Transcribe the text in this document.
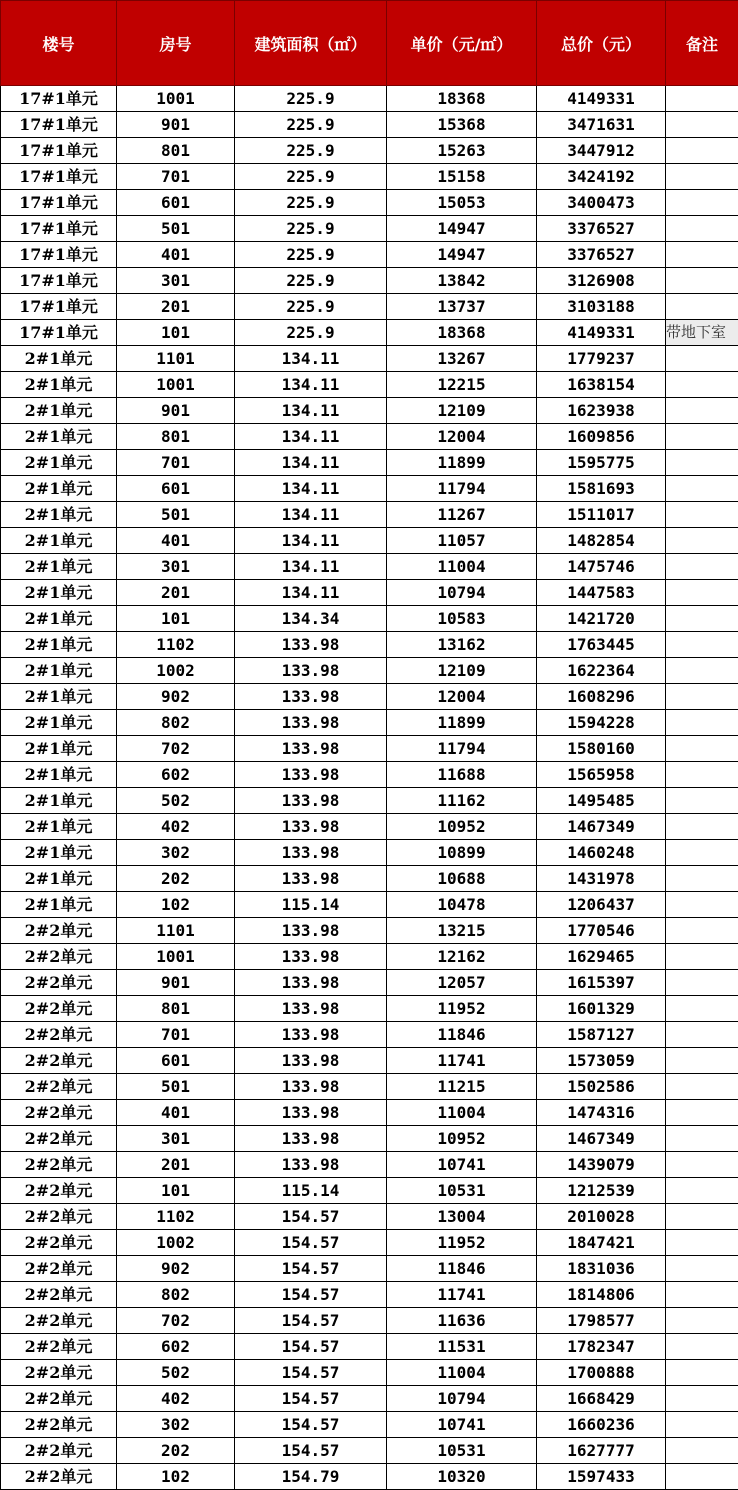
楼号	房号	建筑面积（㎡）	单价（元/㎡）	总价（元）	备注
17#1单元	1001	225.9	18368	4149331	
17#1单元	901	225.9	15368	3471631	
17#1单元	801	225.9	15263	3447912	
17#1单元	701	225.9	15158	3424192	
17#1单元	601	225.9	15053	3400473	
17#1单元	501	225.9	14947	3376527	
17#1单元	401	225.9	14947	3376527	
17#1单元	301	225.9	13842	3126908	
17#1单元	201	225.9	13737	3103188	
17#1单元	101	225.9	18368	4149331	带地下室
2#1单元	1101	134.11	13267	1779237	
2#1单元	1001	134.11	12215	1638154	
2#1单元	901	134.11	12109	1623938	
2#1单元	801	134.11	12004	1609856	
2#1单元	701	134.11	11899	1595775	
2#1单元	601	134.11	11794	1581693	
2#1单元	501	134.11	11267	1511017	
2#1单元	401	134.11	11057	1482854	
2#1单元	301	134.11	11004	1475746	
2#1单元	201	134.11	10794	1447583	
2#1单元	101	134.34	10583	1421720	
2#1单元	1102	133.98	13162	1763445	
2#1单元	1002	133.98	12109	1622364	
2#1单元	902	133.98	12004	1608296	
2#1单元	802	133.98	11899	1594228	
2#1单元	702	133.98	11794	1580160	
2#1单元	602	133.98	11688	1565958	
2#1单元	502	133.98	11162	1495485	
2#1单元	402	133.98	10952	1467349	
2#1单元	302	133.98	10899	1460248	
2#1单元	202	133.98	10688	1431978	
2#1单元	102	115.14	10478	1206437	
2#2单元	1101	133.98	13215	1770546	
2#2单元	1001	133.98	12162	1629465	
2#2单元	901	133.98	12057	1615397	
2#2单元	801	133.98	11952	1601329	
2#2单元	701	133.98	11846	1587127	
2#2单元	601	133.98	11741	1573059	
2#2单元	501	133.98	11215	1502586	
2#2单元	401	133.98	11004	1474316	
2#2单元	301	133.98	10952	1467349	
2#2单元	201	133.98	10741	1439079	
2#2单元	101	115.14	10531	1212539	
2#2单元	1102	154.57	13004	2010028	
2#2单元	1002	154.57	11952	1847421	
2#2单元	902	154.57	11846	1831036	
2#2单元	802	154.57	11741	1814806	
2#2单元	702	154.57	11636	1798577	
2#2单元	602	154.57	11531	1782347	
2#2单元	502	154.57	11004	1700888	
2#2单元	402	154.57	10794	1668429	
2#2单元	302	154.57	10741	1660236	
2#2单元	202	154.57	10531	1627777	
2#2单元	102	154.79	10320	1597433	
